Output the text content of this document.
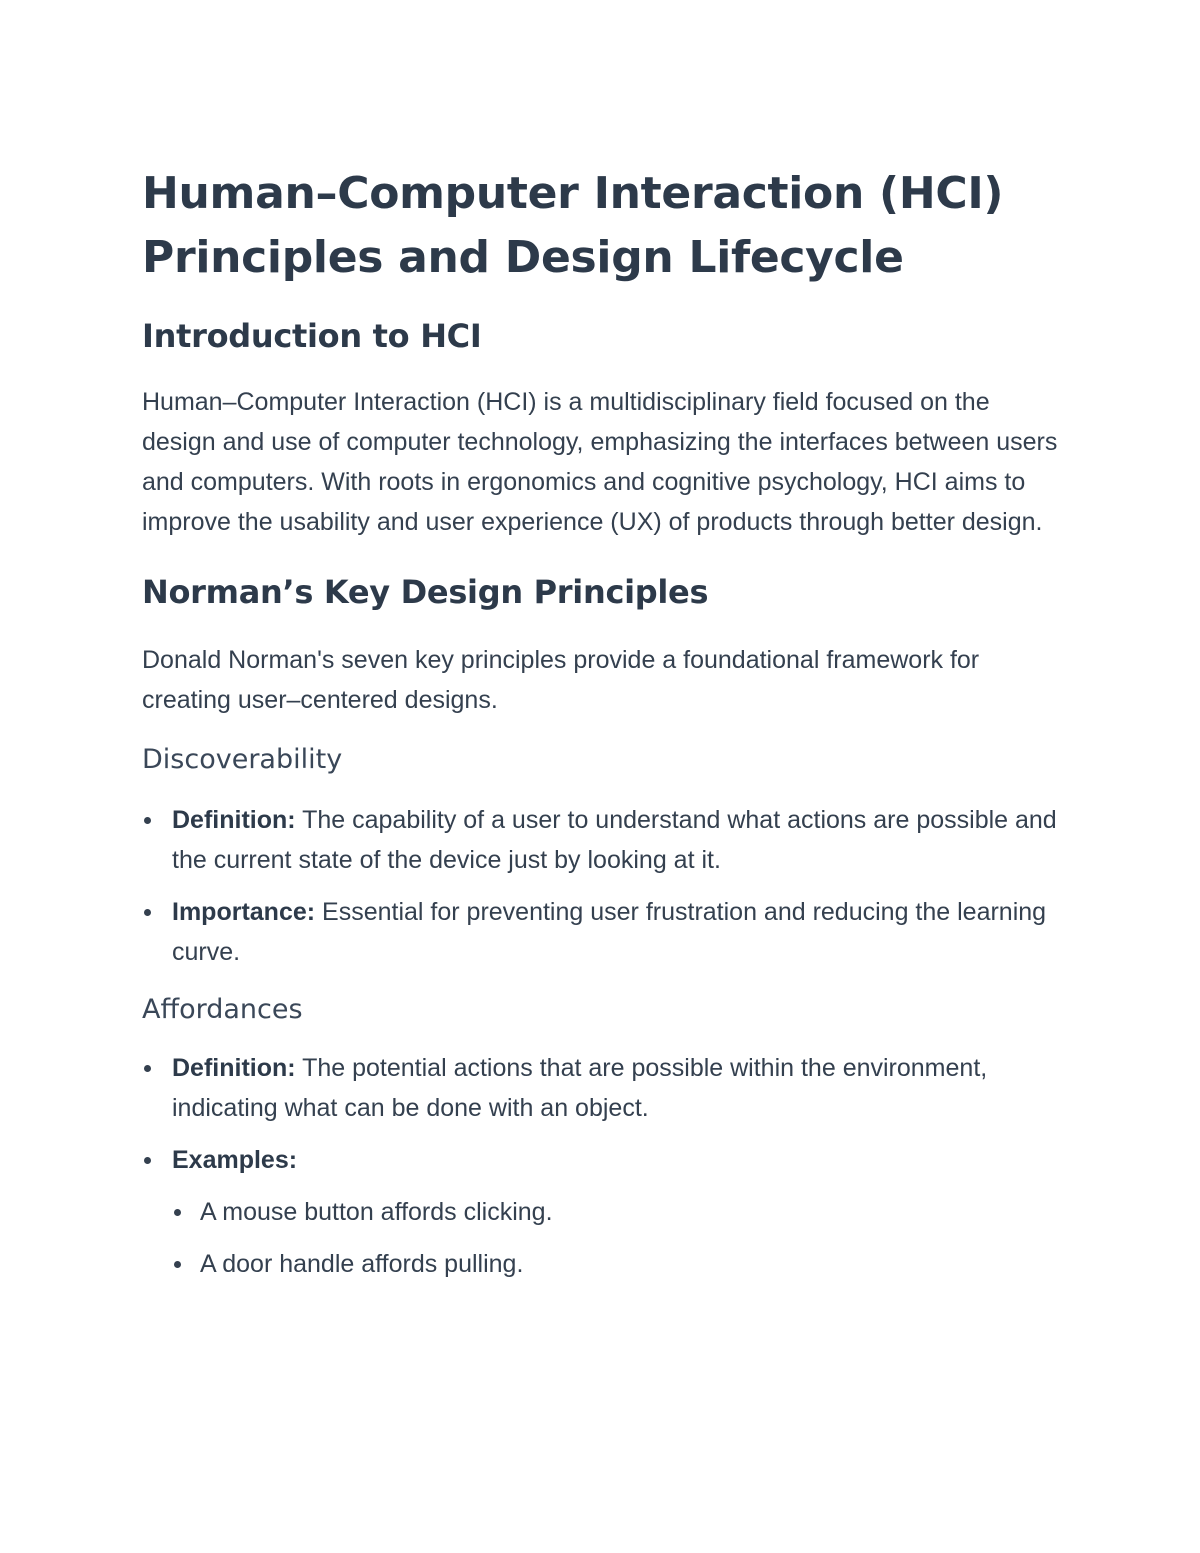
Human–Computer Interaction (HCI)
Principles and Design Lifecycle
Introduction to HCI

Human–Computer Interaction (HCI) is a multidisciplinary field focused on the design and use of computer technology, emphasizing the interfaces between users and computers. With roots in ergonomics and cognitive psychology, HCI aims to improve the usability and user experience (UX) of products through better design.

Norman’s Key Design Principles

Donald Norman's seven key principles provide a foundational framework for creating user–centered designs.

Discoverability
Definition: The capability of a user to understand what actions are possible and the current state of the device just by looking at it.
Importance: Essential for preventing user frustration and reducing the learning curve.
Affordances
Definition: The potential actions that are possible within the environment, indicating what can be done with an object.
Examples:
A mouse button affords clicking.
A door handle affords pulling.
